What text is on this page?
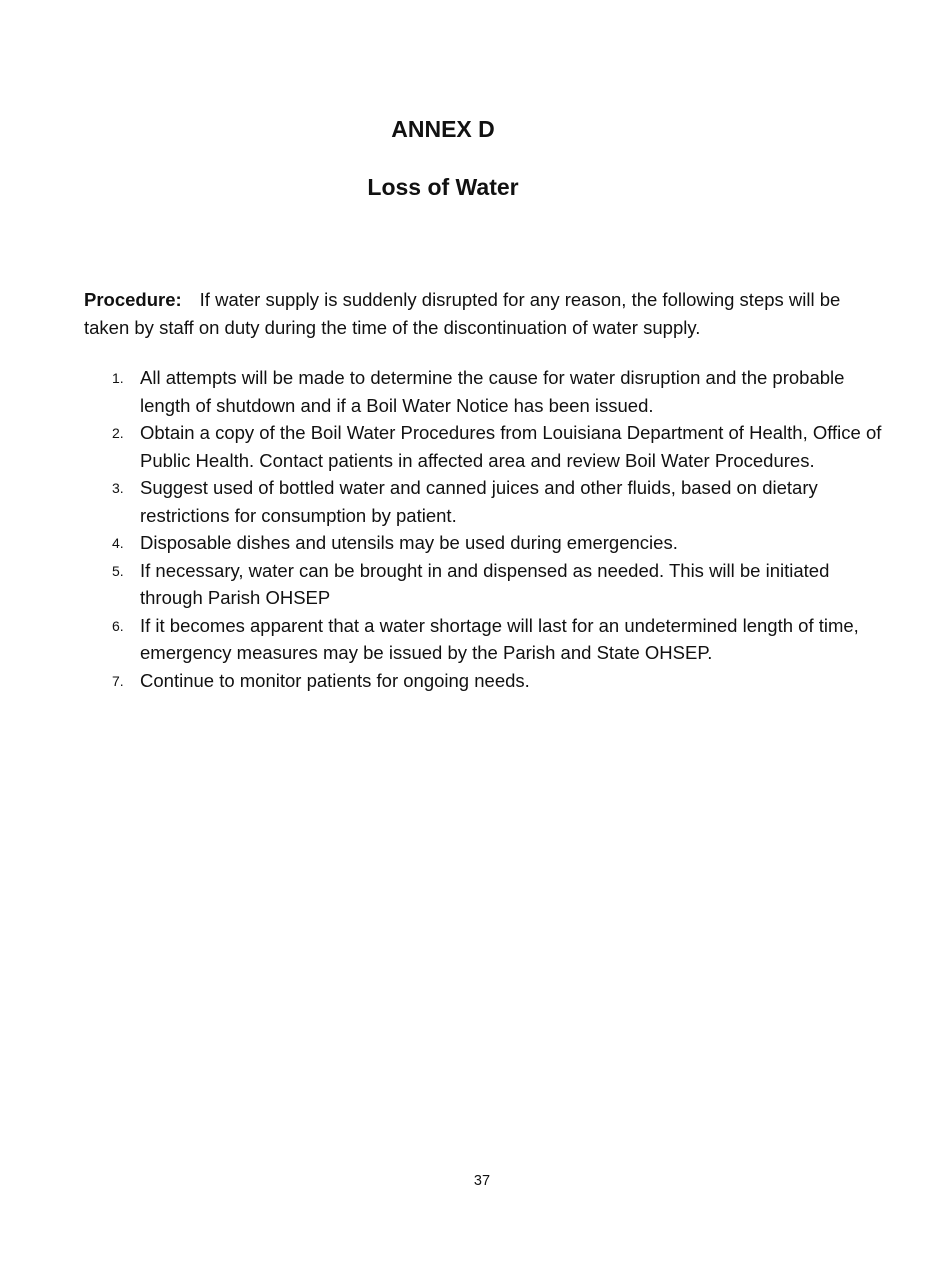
ANNEX D
Loss of Water

Procedure: If water supply is suddenly disrupted for any reason, the following steps will be taken by staff on duty during the time of the discontinuation of water supply.

1. All attempts will be made to determine the cause for water disruption and the probable length of shutdown and if a Boil Water Notice has been issued.
2. Obtain a copy of the Boil Water Procedures from Louisiana Department of Health, Office of Public Health. Contact patients in affected area and review Boil Water Procedures.
3. Suggest used of bottled water and canned juices and other fluids, based on dietary restrictions for consumption by patient.
4. Disposable dishes and utensils may be used during emergencies.
5. If necessary, water can be brought in and dispensed as needed. This will be initiated through Parish OHSEP
6. If it becomes apparent that a water shortage will last for an undetermined length of time, emergency measures may be issued by the Parish and State OHSEP.
7. Continue to monitor patients for ongoing needs.

37
